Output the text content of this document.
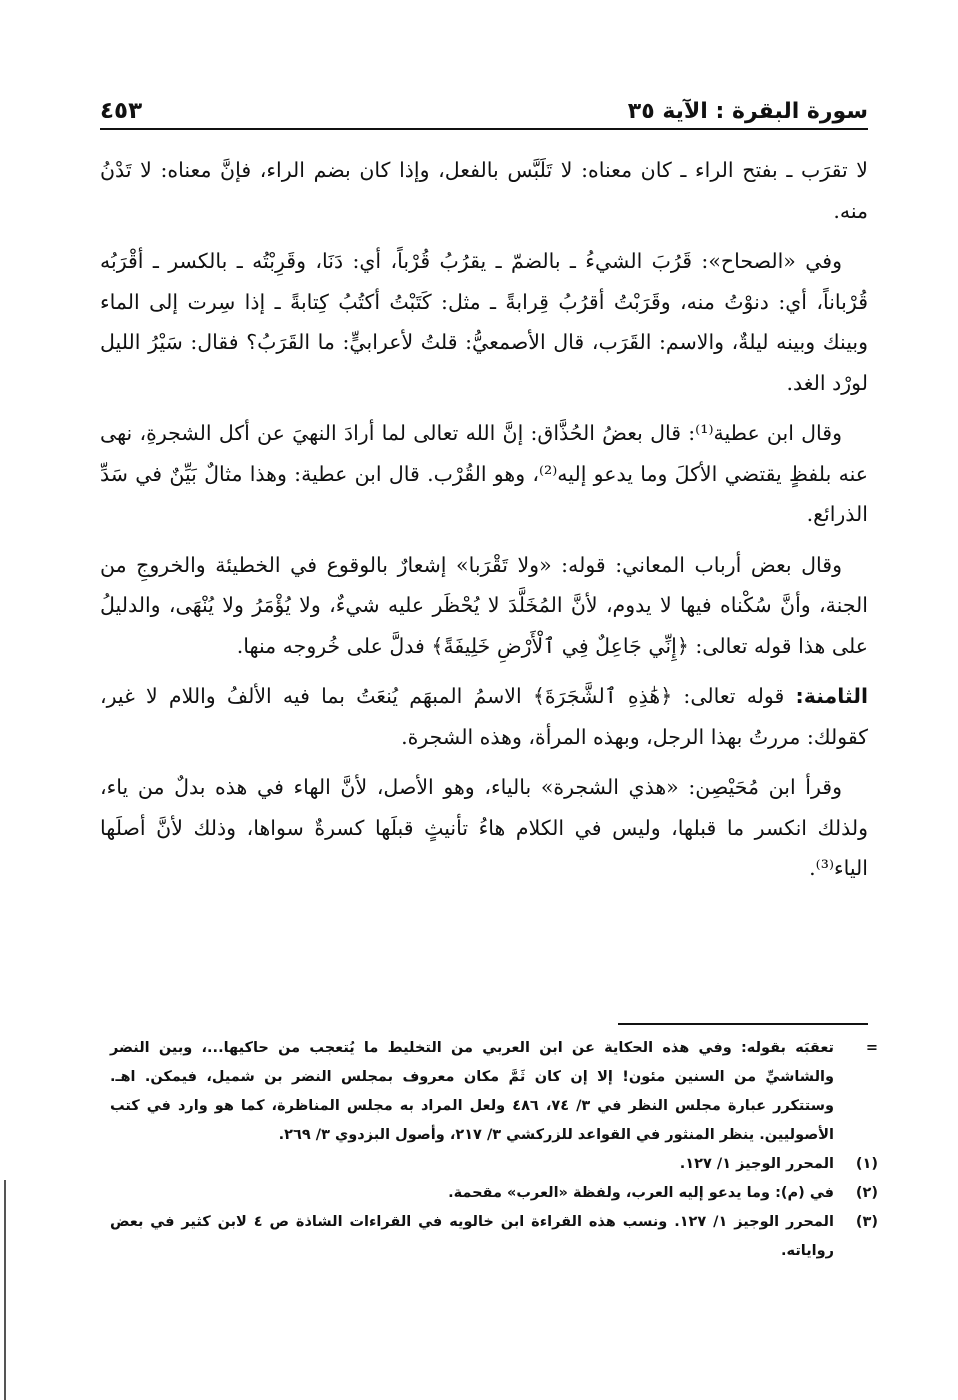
سورة البقرة : الآية ٣٥
٤٥٣

لا تقرَب ـ بفتح الراء ـ كان معناه: لا تَلَبَّس بالفعل، وإذا كان بضم الراء، فإنَّ معناه: لا تَدْنُ منه.

وفي «الصحاح»: قَرُبَ الشيءُ ـ بالضمّ ـ يقرُبُ قُرْباً، أي: دَنَا، وقَرِبْتُه ـ بالكسر ـ أقْرَبُه قُرْباناً، أي: دنوْتُ منه، وقَرَبْتُ أقرُبُ قِرابةً ـ مثل: كَتَبْتُ أكتُبُ كِتابةً ـ إذا سِرت إلى الماء وبينك وبينه ليلةٌ، والاسم: القَرَب، قال الأصمعيُّ: قلتُ لأعرابيٍّ: ما القَرَبُ؟ فقال: سَيْرُ الليل لورْد الغد.

وقال ابن عطية⁽¹⁾: قال بعضُ الحُذَّاق: إنَّ الله تعالى لما أرادَ النهيَ عن أكل الشجرةِ، نهى عنه بلفظٍ يقتضي الأكلَ وما يدعو إليه⁽²⁾، وهو القُرْب. قال ابن عطية: وهذا مثالٌ بَيِّنٌ في سَدِّ الذرائع.

وقال بعض أرباب المعاني: قوله: «ولا تَقْرَبا» إشعارٌ بالوقوع في الخطيئة والخروجِ من الجنة، وأنَّ سُكْناه فيها لا يدوم، لأنَّ المُخَلَّدَ لا يُحْظَر عليه شيءٌ، ولا يُؤْمَرُ ولا يُنْهَى، والدليلُ على هذا قوله تعالى: ﴿إِنِّي جَاعِلٌ فِي ٱلْأَرْضِ خَلِيفَةً﴾ فدلَّ على خُروجه منها.

الثامنة: قوله تعالى: ﴿هَٰذِهِ ٱلشَّجَرَةَ﴾ الاسمُ المبهَم يُنعَتُ بما فيه الألفُ واللام لا غير، كقولك: مررتُ بهذا الرجل، وبهذه المرأة، وهذه الشجرة.

وقرأ ابن مُحَيْصِن: «هذي الشجرة» بالياء، وهو الأصل، لأنَّ الهاء في هذه بدلٌ من ياء، ولذلك انكسر ما قبلها، وليس في الكلام هاءُ تأنيثٍ قبلَها كسرةٌ سواها، وذلك لأنَّ أصلَها الياء⁽³⁾.

=
تعقبَه بقوله: وفي هذه الحكاية عن ابن العربي من التخليط ما يُتعجب من حاكيها...، وبين النضر والشاشيِّ من السنين مئون! إلا إن كان ثَمَّ مكان معروف بمجلس النضر بن شميل، فيمكن. اهـ. وستتكرر عبارة مجلس النظر في ٣/ ٧٤، ٤٨٦ ولعل المراد به مجلس المناظرة، كما هو وارد في كتب الأصوليين. ينظر المنثور في القواعد للزركشي ٣/ ٢١٧، وأصول البزدوي ٣/ ٢٦٩.
(١)
المحرر الوجيز ١/ ١٢٧.
(٢)
في (م): وما يدعو إليه العرب، ولفظة «العرب» مقحمة.
(٣)
المحرر الوجيز ١/ ١٢٧. ونسب هذه القراءة ابن خالويه في القراءات الشاذة ص ٤ لابن كثير في بعض رواياته.
